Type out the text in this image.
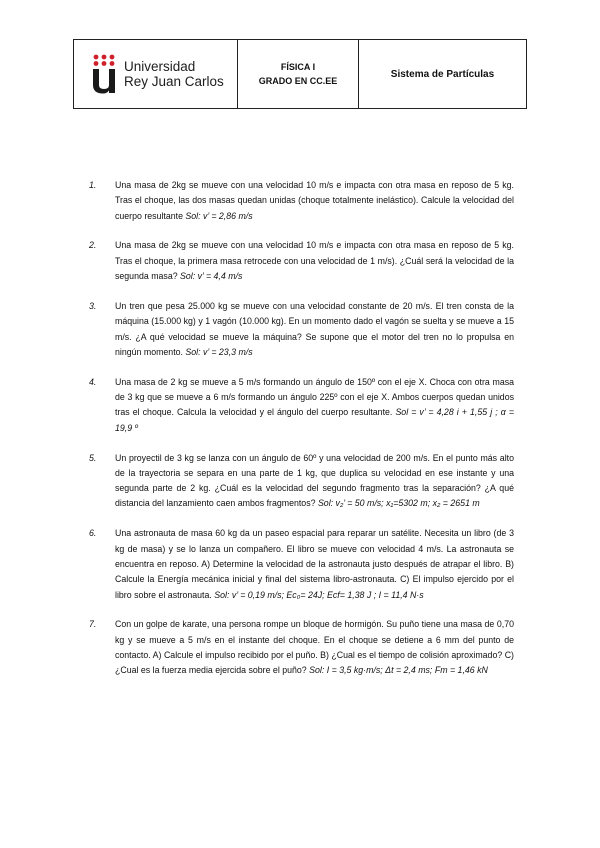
Universidad
Rey Juan Carlos
FÍSICA I
GRADO EN CC.EE
Sistema de Partículas
1.	Una masa de 2kg se mueve con una velocidad 10 m/s e impacta con otra masa en reposo de 5 kg. Tras el choque, las dos masas quedan unidas (choque totalmente inelástico). Calcule la velocidad del cuerpo resultante Sol: v’ = 2,86 m/s
2.	Una masa de 2kg se mueve con una velocidad 10 m/s e impacta con otra masa en reposo de 5 kg. Tras el choque, la primera masa retrocede con una velocidad de 1 m/s). ¿Cuál será la velocidad de la segunda masa? Sol: v’ = 4,4 m/s
3.	Un tren que pesa 25.000 kg se mueve con una velocidad constante de 20 m/s. El tren consta de la máquina (15.000 kg) y 1 vagón (10.000 kg). En un momento dado el vagón se suelta y se mueve a 15 m/s. ¿A qué velocidad se mueve la máquina? Se supone que el motor del tren no lo propulsa en ningún momento. Sol: v’ = 23,3 m/s
4.	Una masa de 2 kg se mueve a 5 m/s formando un ángulo de 150º con el eje X. Choca con otra masa de 3 kg que se mueve a 6 m/s formando un ángulo 225º con el eje X. Ambos cuerpos quedan unidos tras el choque. Calcula la velocidad y el ángulo del cuerpo resultante. Sol = v’ = 4,28 i + 1,55 j ; α = 19,9 º
5.	Un proyectil de 3 kg se lanza con un ángulo de 60º y una velocidad de 200 m/s. En el punto más alto de la trayectoria se separa en una parte de 1 kg, que duplica su velocidad en ese instante y una segunda parte de 2 kg. ¿Cuál es la velocidad del segundo fragmento tras la separación? ¿A qué distancia del lanzamiento caen ambos fragmentos? Sol: v₂’ = 50 m/s; x₁=5302 m; x₂ = 2651 m
6.	Una astronauta de masa 60 kg da un paseo espacial para reparar un satélite. Necesita un libro (de 3 kg de masa) y se lo lanza un compañero. El libro se mueve con velocidad 4 m/s. La astronauta se encuentra en reposo. A) Determine la velocidad de la astronauta justo después de atrapar el libro. B) Calcule la Energía mecánica inicial y final del sistema libro-astronauta. C) El impulso ejercido por el libro sobre el astronauta. Sol: v’ = 0,19 m/s; Ec₀= 24J; Ecf= 1,38 J ; I = 11,4 N·s
7.	Con un golpe de karate, una persona rompe un bloque de hormigón. Su puño tiene una masa de 0,70 kg y se mueve a 5 m/s en el instante del choque. En el choque se detiene a 6 mm del punto de contacto. A) Calcule el impulso recibido por el puño. B) ¿Cual es el tiempo de colisión aproximado? C) ¿Cual es la fuerza media ejercida sobre el puño? Sol: I = 3,5 kg·m/s; Δt = 2,4 ms; Fm = 1,46 kN
